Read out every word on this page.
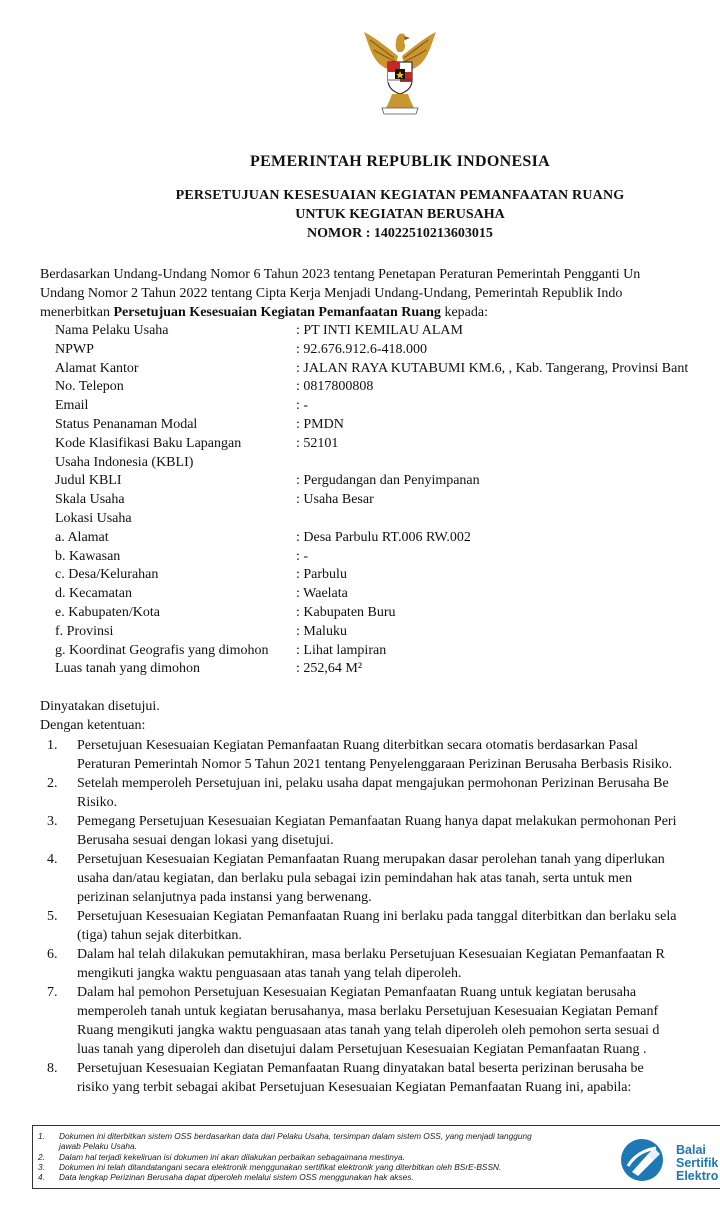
PEMERINTAH REPUBLIK INDONESIA
PERSETUJUAN KESESUAIAN KEGIATAN PEMANFAATAN RUANG
UNTUK KEGIATAN BERUSAHA
NOMOR : 14022510213603015
Berdasarkan Undang-Undang Nomor 6 Tahun 2023 tentang Penetapan Peraturan Pemerintah Pengganti Un
Undang Nomor 2 Tahun 2022 tentang Cipta Kerja Menjadi Undang-Undang, Pemerintah Republik Indo
menerbitkan Persetujuan Kesesuaian Kegiatan Pemanfaatan Ruang kepada:
Nama Pelaku Usaha	: PT INTI KEMILAU ALAM
NPWP	: 92.676.912.6-418.000
Alamat Kantor	: JALAN RAYA KUTABUMI KM.6, , Kab. Tangerang, Provinsi Bant
No. Telepon	: 0817800808
Email	: -
Status Penanaman Modal	: PMDN
Kode Klasifikasi Baku Lapangan	: 52101
Usaha Indonesia (KBLI)
Judul KBLI	: Pergudangan dan Penyimpanan
Skala Usaha	: Usaha Besar
Lokasi Usaha
a. Alamat	: Desa Parbulu RT.006 RW.002
b. Kawasan	: -
c. Desa/Kelurahan	: Parbulu
d. Kecamatan	: Waelata
e. Kabupaten/Kota	: Kabupaten Buru
f. Provinsi	: Maluku
g. Koordinat Geografis yang dimohon : Lihat lampiran
Luas tanah yang dimohon	: 252,64 M²
Dinyatakan disetujui.
Dengan ketentuan:
1. Persetujuan Kesesuaian Kegiatan Pemanfaatan Ruang diterbitkan secara otomatis berdasarkan Pasal
Peraturan Pemerintah Nomor 5 Tahun 2021 tentang Penyelenggaraan Perizinan Berusaha Berbasis Risiko.
2. Setelah memperoleh Persetujuan ini, pelaku usaha dapat mengajukan permohonan Perizinan Berusaha Be
Risiko.
3. Pemegang Persetujuan Kesesuaian Kegiatan Pemanfaatan Ruang hanya dapat melakukan permohonan Peri
Berusaha sesuai dengan lokasi yang disetujui.
4. Persetujuan Kesesuaian Kegiatan Pemanfaatan Ruang merupakan dasar perolehan tanah yang diperlukan
usaha dan/atau kegiatan, dan berlaku pula sebagai izin pemindahan hak atas tanah, serta untuk men
perizinan selanjutnya pada instansi yang berwenang.
5. Persetujuan Kesesuaian Kegiatan Pemanfaatan Ruang ini berlaku pada tanggal diterbitkan dan berlaku sela
(tiga) tahun sejak diterbitkan.
6. Dalam hal telah dilakukan pemutakhiran, masa berlaku Persetujuan Kesesuaian Kegiatan Pemanfaatan R
mengikuti jangka waktu penguasaan atas tanah yang telah diperoleh.
7. Dalam hal pemohon Persetujuan Kesesuaian Kegiatan Pemanfaatan Ruang untuk kegiatan berusaha
memperoleh tanah untuk kegiatan berusahanya, masa berlaku Persetujuan Kesesuaian Kegiatan Pemanf
Ruang mengikuti jangka waktu penguasaan atas tanah yang telah diperoleh oleh pemohon serta sesuai d
luas tanah yang diperoleh dan disetujui dalam Persetujuan Kesesuaian Kegiatan Pemanfaatan Ruang .
8. Persetujuan Kesesuaian Kegiatan Pemanfaatan Ruang dinyatakan batal beserta perizinan berusaha be
risiko yang terbit sebagai akibat Persetujuan Kesesuaian Kegiatan Pemanfaatan Ruang ini, apabila:
1. Dokumen ini diterbitkan sistem OSS berdasarkan data dari Pelaku Usaha, tersimpan dalam sistem OSS, yang menjadi tanggung
jawab Pelaku Usaha.
2. Dalam hal terjadi kekeliruan isi dokumen ini akan dilakukan perbaikan sebagaimana mestinya.
3. Dokumen ini telah ditandatangani secara elektronik menggunakan sertifikat elektronik yang diterbitkan oleh BSrE-BSSN.
4. Data lengkap Perizinan Berusaha dapat diperoleh melalui sistem OSS menggunakan hak akses.
Balai
Sertifik
Elektro
